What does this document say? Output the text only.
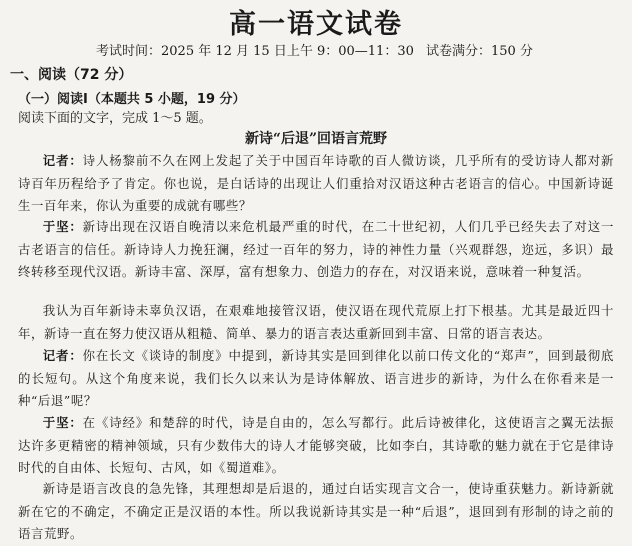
高一语文试卷
考试时间：2025 年 12 月 15 日上午 9：00—11：30 试卷满分：150 分
一、阅读（72 分）
（一）阅读Ⅰ（本题共 5 小题，19 分）
阅读下面的文字，完成 1～5 题。
新诗“后退”回语言荒野
记者：诗人杨黎前不久在网上发起了关于中国百年诗歌的百人微访谈，几乎所有的受访诗人都对新诗百年历程给予了肯定。你也说，是白话诗的出现让人们重拾对汉语这种古老语言的信心。中国新诗诞生一百年来，你认为重要的成就有哪些？
于坚：新诗出现在汉语自晚清以来危机最严重的时代，在二十世纪初，人们几乎已经失去了对这一古老语言的信任。新诗诗人力挽狂澜，经过一百年的努力，诗的神性力量（兴观群怨，迩远，多识）最终转移至现代汉语。新诗丰富、深厚，富有想象力、创造力的存在，对汉语来说，意味着一种复活。
我认为百年新诗未辜负汉语，在艰难地接管汉语，使汉语在现代荒原上打下根基。尤其是最近四十年，新诗一直在努力使汉语从粗糙、简单、暴力的语言表达重新回到丰富、日常的语言表达。
记者：你在长文《谈诗的制度》中提到，新诗其实是回到律化以前口传文化的“郑声”，回到最彻底的长短句。从这个角度来说，我们长久以来认为是诗体解放、语言进步的新诗，为什么在你看来是一种“后退”呢？
于坚：在《诗经》和楚辞的时代，诗是自由的，怎么写都行。此后诗被律化，这使语言之翼无法振达许多更精密的精神领域，只有少数伟大的诗人才能够突破，比如李白，其诗歌的魅力就在于它是律诗时代的自由体、长短句、古风，如《蜀道难》。
新诗是语言改良的急先锋，其理想却是后退的，通过白话实现言文合一，使诗重获魅力。新诗新就新在它的不确定，不确定正是汉语的本性。所以我说新诗其实是一种“后退”，退回到有形制的诗之前的语言荒野。
